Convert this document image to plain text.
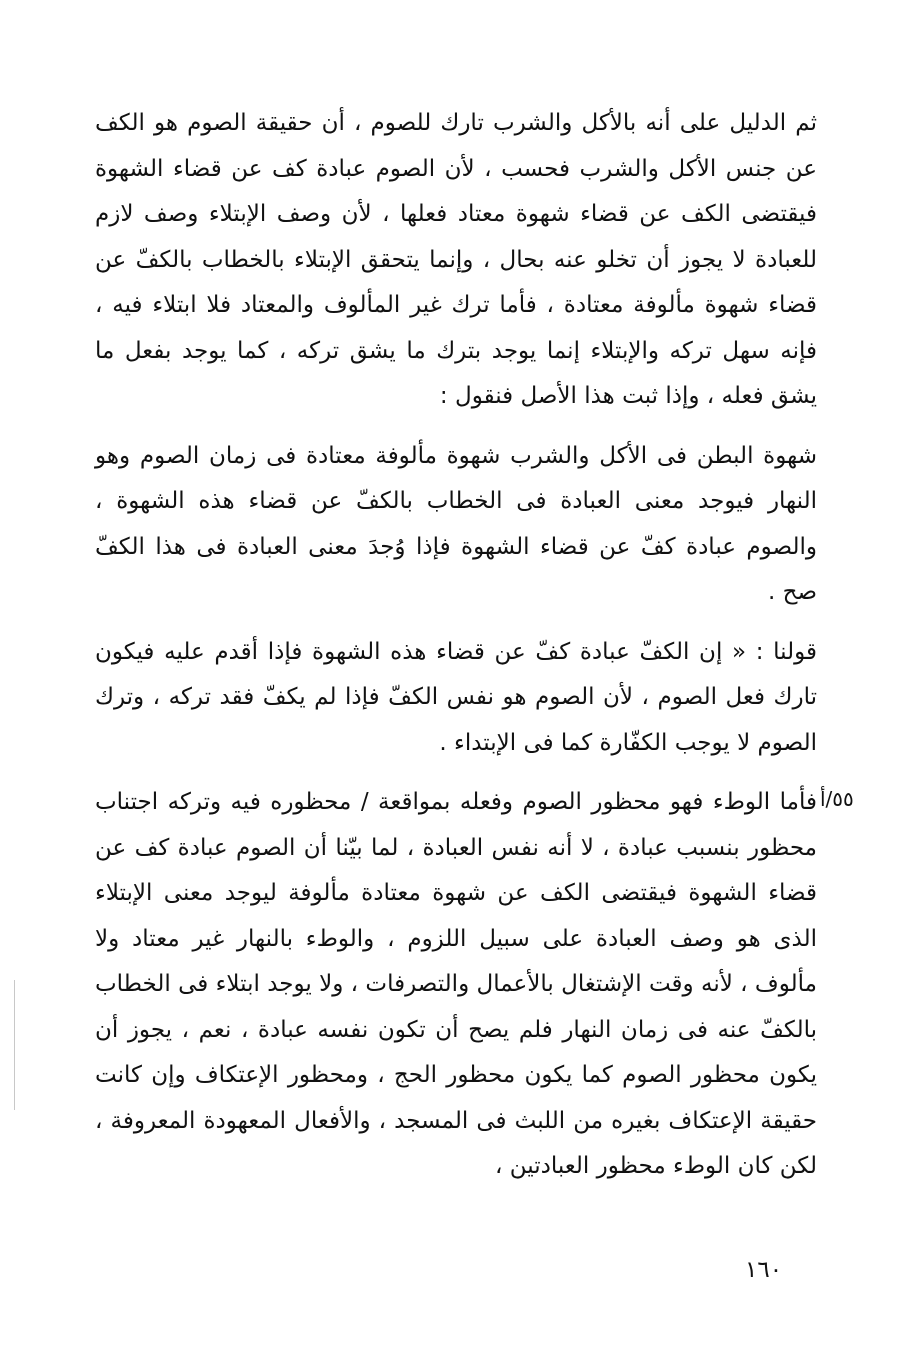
ثم الدليل على أنه بالأكل والشرب تارك للصوم ، أن حقيقة الصوم هو الكف عن جنس الأكل والشرب فحسب ، لأن الصوم عبادة كف عن قضاء الشهوة فيقتضى الكف عن قضاء شهوة معتاد فعلها ، لأن وصف الإبتلاء وصف لازم للعبادة لا يجوز أن تخلو عنه بحال ، وإنما يتحقق الإبتلاء بالخطاب بالكفّ عن قضاء شهوة مألوفة معتادة ، فأما ترك غير المألوف والمعتاد فلا ابتلاء فيه ، فإنه سهل تركه والإبتلاء إنما يوجد بترك ما يشق تركه ، كما يوجد بفعل ما يشق فعله ، وإذا ثبت هذا الأصل فنقول :

شهوة البطن فى الأكل والشرب شهوة مألوفة معتادة فى زمان الصوم وهو النهار فيوجد معنى العبادة فى الخطاب بالكفّ عن قضاء هذه الشهوة ، والصوم عبادة كفّ عن قضاء الشهوة فإذا وُجدَ معنى العبادة فى هذا الكفّ صح .

قولنا : « إن الكفّ عبادة كفّ عن قضاء هذه الشهوة فإذا أقدم عليه فيكون تارك فعل الصوم ، لأن الصوم هو نفس الكفّ فإذا لم يكفّ فقد تركه ، وترك الصوم لا يوجب الكفّارة كما فى الإبتداء .

فأما الوطء فهو محظور الصوم وفعله بمواقعة / محظوره فيه وتركه اجتناب محظور بنسبب عبادة ، لا أنه نفس العبادة ، لما بيّنا أن الصوم عبادة كف عن قضاء الشهوة فيقتضى الكف عن شهوة معتادة مألوفة ليوجد معنى الإبتلاء الذى هو وصف العبادة على سبيل اللزوم ، والوطء بالنهار غير معتاد ولا مألوف ، لأنه وقت الإشتغال بالأعمال والتصرفات ، ولا يوجد ابتلاء فى الخطاب بالكفّ عنه فى زمان النهار فلم يصح أن تكون نفسه عبادة ، نعم ، يجوز أن يكون محظور الصوم كما يكون محظور الحج ، ومحظور الإعتكاف وإن كانت حقيقة الإعتكاف بغيره من اللبث فى المسجد ، والأفعال المعهودة المعروفة ، لكن كان الوطء محظور العبادتين ،

٥٥/أ
١٦٠
